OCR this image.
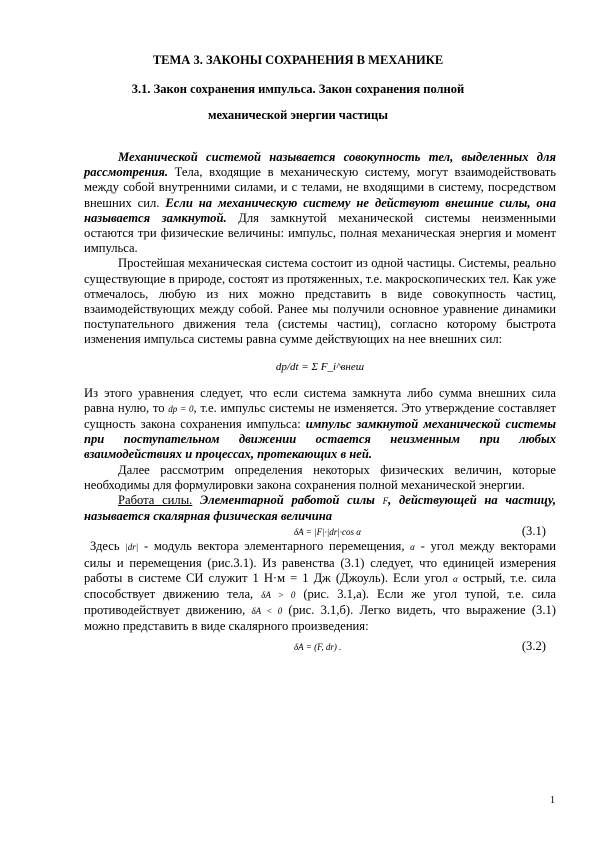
ТЕМА 3. ЗАКОНЫ СОХРАНЕНИЯ В МЕХАНИКЕ
3.1. Закон сохранения импульса. Закон сохранения полной
механической энергии частицы

Механической системой называется совокупность тел, выделенных для рассмотрения. Тела, входящие в механическую систему, могут взаимодействовать между собой внутренними силами, и с телами, не входящими в систему, посредством внешних сил. Если на механическую систему не действуют внешние силы, она называется замкнутой. Для замкнутой механической системы неизменными остаются три физические величины: импульс, полная механическая энергия и момент импульса.

Простейшая механическая система состоит из одной частицы. Системы, реально существующие в природе, состоят из протяженных, т.е. макроскопических тел. Как уже отмечалось, любую из них можно представить в виде совокупность частиц, взаимодействующих между собой. Ранее мы получили основное уравнение динамики поступательного движения тела (системы частиц), согласно которому быстрота изменения импульса системы равна сумме действующих на нее внешних сил:

dp/dt = Σ F_i^внеш

Из этого уравнения следует, что если система замкнута либо сумма внешних сила равна нулю, то dp = 0, т.е. импульс системы не изменяется. Это утверждение составляет сущность закона сохранения импульса: импульс замкнутой механической системы при поступательном движении остается неизменным при любых взаимодействиях и процессах, протекающих в ней.

Далее рассмотрим определения некоторых физических величин, которые необходимы для формулировки закона сохранения полной механической энергии.

Работа силы. Элементарной работой силы F, действующей на частицу, называется скалярная физическая величина

δA = |F|·|dr|·cos α	(3.1)

Здесь |dr| - модуль вектора элементарного перемещения, α - угол между векторами силы и перемещения (рис.3.1). Из равенства (3.1) следует, что единицей измерения работы в системе СИ служит 1 Н·м = 1 Дж (Джоуль). Если угол α острый, т.е. сила способствует движению тела, δA > 0 (рис. 3.1,а). Если же угол тупой, т.е. сила противодействует движению, δA < 0 (рис. 3.1,б). Легко видеть, что выражение (3.1) можно представить в виде скалярного произведения:

δA = (F, dr) .	(3.2)
1
